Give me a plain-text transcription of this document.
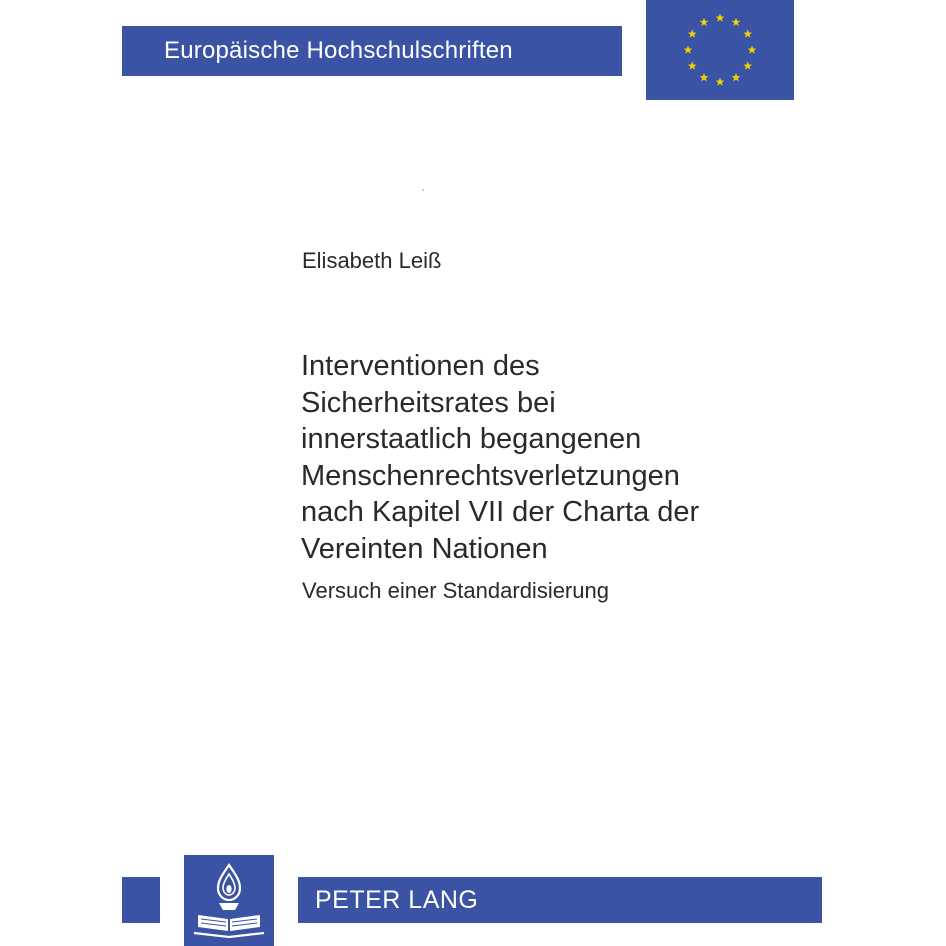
Europäische Hochschulschriften
Elisabeth Leiß
Interventionen des
Sicherheitsrates bei
innerstaatlich begangenen
Menschenrechtsverletzungen
nach Kapitel VII der Charta der
Vereinten Nationen
Versuch einer Standardisierung
PETER LANG
